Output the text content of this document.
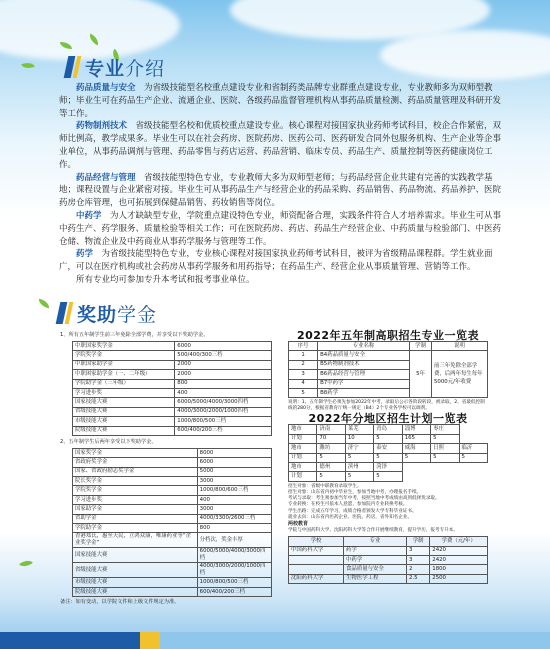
专业介绍

药品质量与安全　 为省级技能型名校重点建设专业和省制药类品牌专业群重点建设专业，专业教师多为双师型教师；毕业生可在药品生产企业、流通企业、医院、各级药品监督管理机构从事药品质量检测、药品质量管理及科研开发等工作。

药物制剂技术　 省级技能型名校和优质校重点建设专业。核心课程对接国家执业药师考试科目，校企合作紧密，双师比例高，教学成果多。毕业生可以在社会药房、医院药房、医药公司、医药研发合同外包服务机构、生产企业等企事业单位，从事药品调剂与管理、药品零售与药店运营、药品营销、临床专员、药品生产、质量控制等医药健康岗位工作。

药品经营与管理　 省级技能型特色专业，专业教师大多为双师型老师；与药品经营企业共建有完善的实践教学基地；课程设置与企业紧密对接。毕业生可从事药品生产与经营企业的药品采购、药品销售、药品物流、药品养护、医院药房仓库管理，也可拓展到保健品销售、药妆销售等岗位。

中药学　 为人才缺缺型专业，学院重点建设特色专业，师资配备合理，实践条件符合人才培养需求。毕业生可从事中药生产、药学服务、质量检验等相关工作；可在医院药房、药店、药品生产经营企业、中药质量与检验部门、中医药仓储、物流企业及中药商业从事药学服务与管理等工作。

药学　 为省级技能型特色专业，专业核心课程对接国家执业药师考试科目，被评为省级精品课程群。学生就业面广，可以在医疗机构或社会药房从事药学服务和用药指导；在药品生产、经营企业从事质量管理、营销等工作。

所有专业均可参加专升本考试和报考事业单位。

奖助学金
1、所有五年制学生前三年免除全部学费，并享受以下奖助学金。
中职国家奖学金	6000
学院奖学金	500/400/300三档
中职国家助学金	2000
中职困家助学金（一、二年级）	2000
学院助学金（三年级）	800
学习进步奖	400
国家技能大赛	6000/5000/4000/3000四档
省级技能大赛	4000/3000/2000/1000四档
市级技能大赛	1000/800/500三档
院级技能大赛	600/400/200三档
2、五年制学生后两年享受以下奖助学金。
国家奖学金	8000
省政府奖学金	6000
国家、省政府励志奖学金	5000
院长奖学金	3000
学院奖学金	1000/800/600三档
学习进步奖	400
国家助学金	3000
省助学金	4000/3300/2600三档
学院助学金	800
香港郑氏，惠至天民，立鸿众康，唯康药业等“企业奖学金”	分档次，奖金丰厚
国家技能大赛	6000/5000/4000/3000四档
省级技能大赛	4000/3000/2000/1000四档
市级技能大赛	1000/800/500三档
院级技能大赛	600/400/200三档
备注：如有变动，以学院文件和上级文件规定为准。
2022年五年制高职招生专业一览表
序号	专业名称	学制	说明
1	B4药品质量与安全	5年	前三年免除全部学费，后两年每生每年5000元/年收费
2	B5药物制剂技术		
3	B6药品经营与管理		
4	B7中药学		
5	B8药学		
说明：1、五年制学生必须先参加2022年中考，录取后公示各阶段转段，被录取。2、省最低控制线的280分，根据省教育厅统一规定（B4）2个专业各学校可以调剂。
2022年分地区招生计划一览表
地市	济南	莱芜	青岛	淄博	枣庄	
计划	70	10	5	165	5	
地市	潍坊	济宁	泰安	威海	日照	临沂
计划	5	5	5	5	5	5
地市	德州	滨州	菏泽			
计划	5	5	5			
招生对象：省级中职教育录取学生。
招生对象：山东省内初中毕业生，参加当地中考，办理报名手续。
考试与录取：考生须参加当年中考，按照当地中考成绩由高到低择优录取。
专业转换：在校生可依本人意愿，参加院内专业转换考核。
学生出路：完成五年学习，成绩合格者颁发大学专科毕业证书。
就业去向：山东省内医药企业、医院、药店，省外知名企业。
两校教育
学院与中国药科大学、沈阳药科大学等合作开展继续教育，提升学历，报考专升本。
学校	专业	学制	学费（元/年）
中国药科大学	药学	3	2420
	中药学	3	2420
	食品质量与安全	2	1800
沈阳药科大学	生物医学工程	2.5	2500
